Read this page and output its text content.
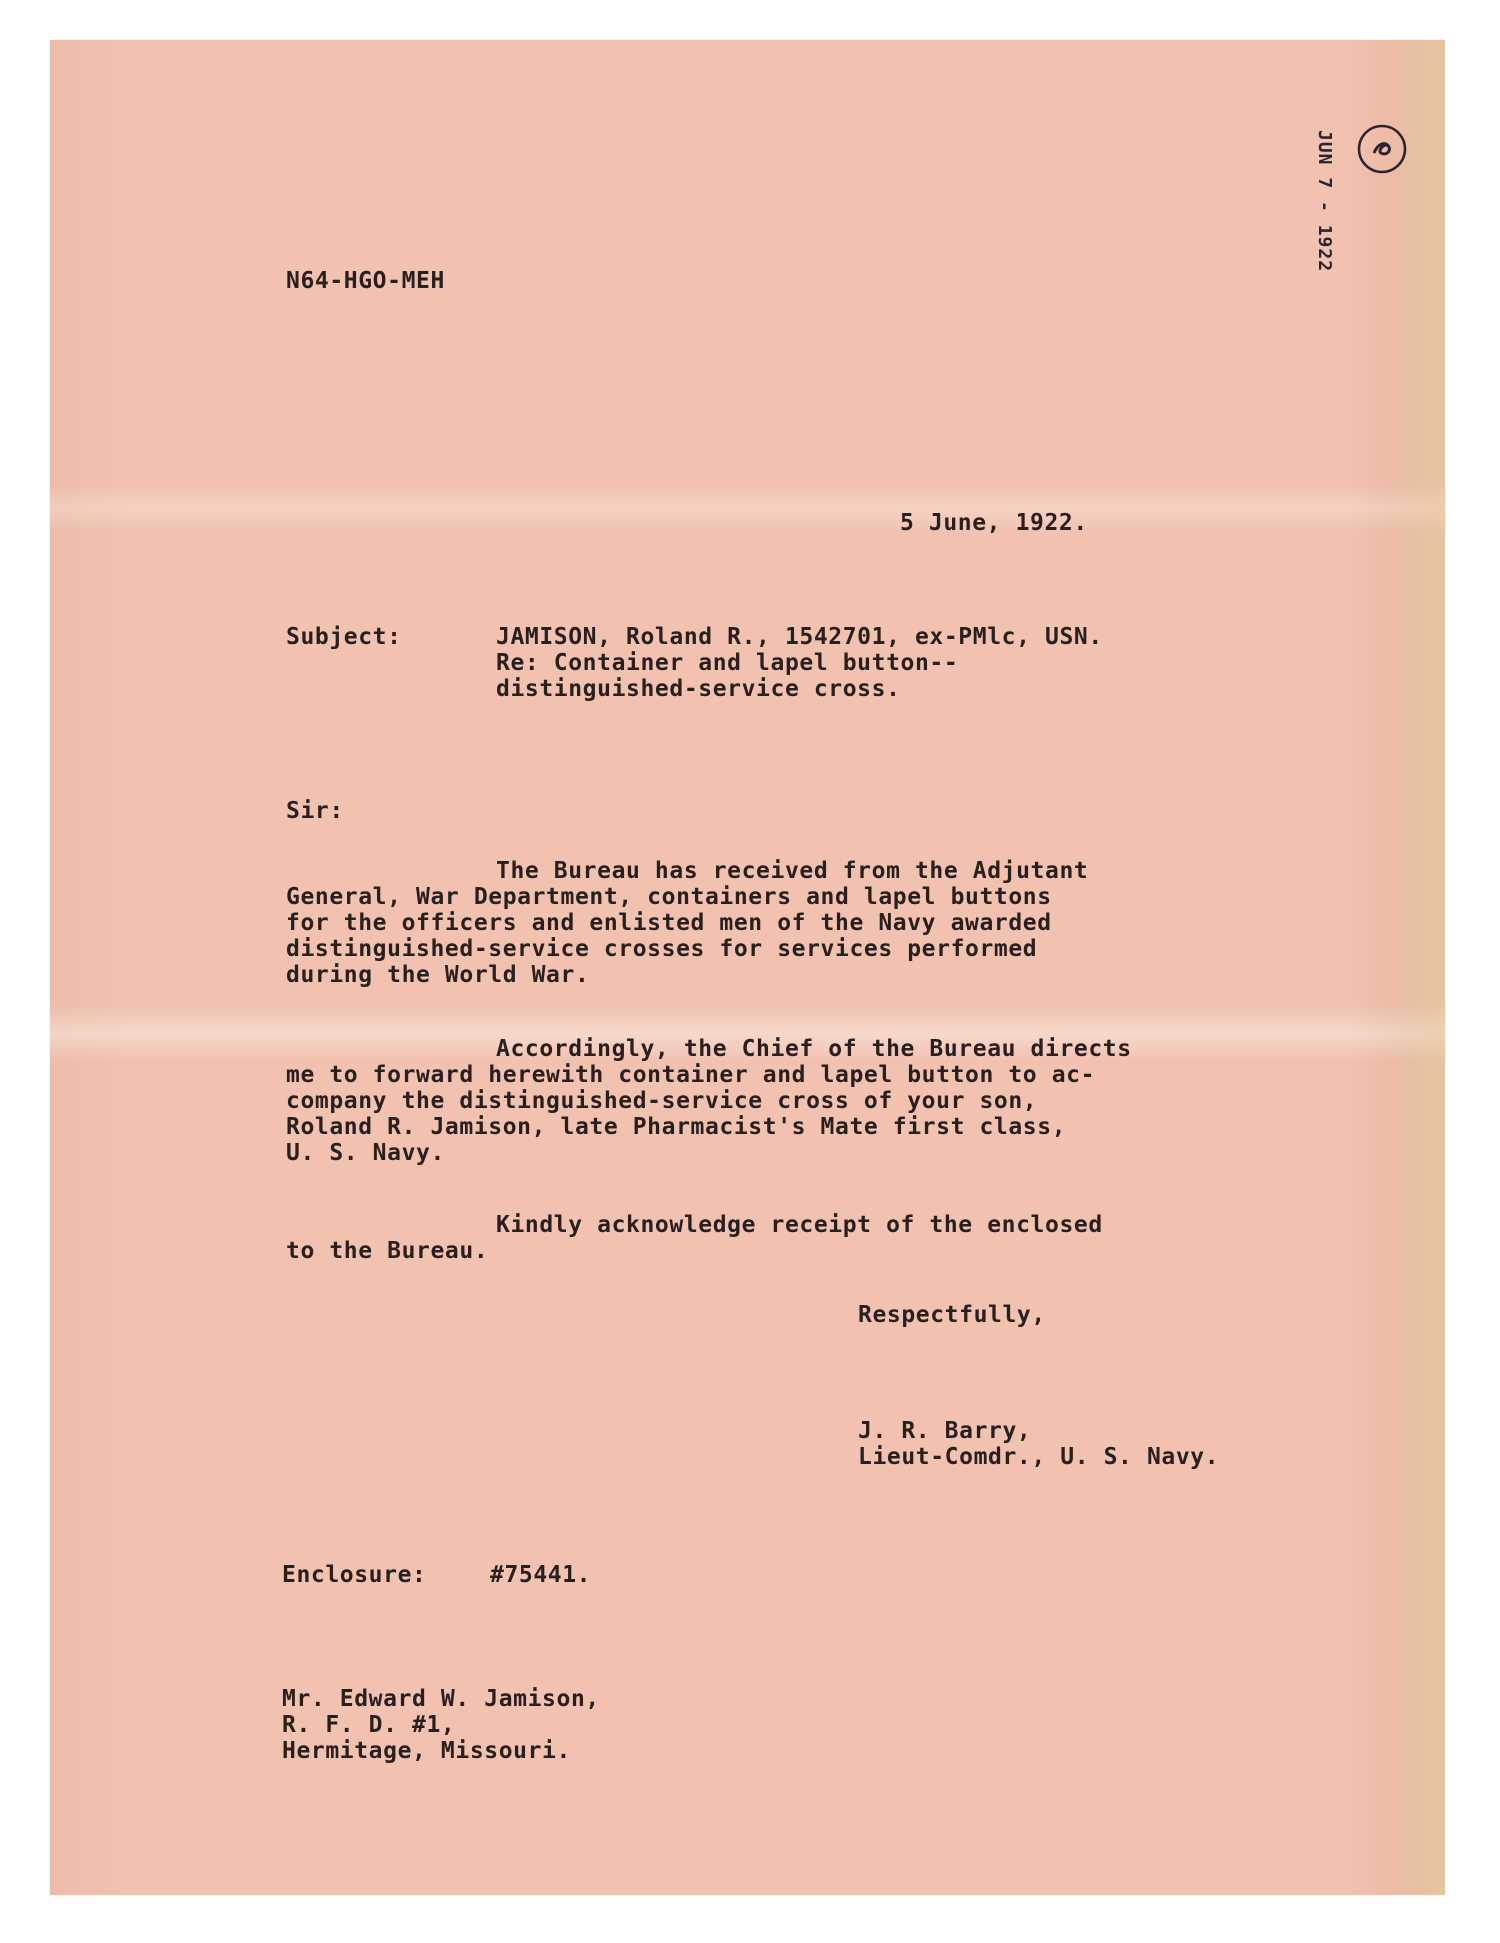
JUN 7 - 1922
N64-HGO-MEH
5 June, 1922.
Subject:	JAMISON, Roland R., 1542701, ex-PMlc, USN.
Re: Container and lapel button--
distinguished-service cross.
Sir:
The Bureau has received from the Adjutant
General, War Department, containers and lapel buttons
for the officers and enlisted men of the Navy awarded
distinguished-service crosses for services performed
during the World War.
Accordingly, the Chief of the Bureau directs
me to forward herewith container and lapel button to ac-
company the distinguished-service cross of your son,
Roland R. Jamison, late Pharmacist's Mate first class,
U. S. Navy.
Kindly acknowledge receipt of the enclosed
to the Bureau.
Respectfully,
J. R. Barry,
Lieut-Comdr., U. S. Navy.
Enclosure:	#75441.
Mr. Edward W. Jamison,
R. F. D. #1,
Hermitage, Missouri.
